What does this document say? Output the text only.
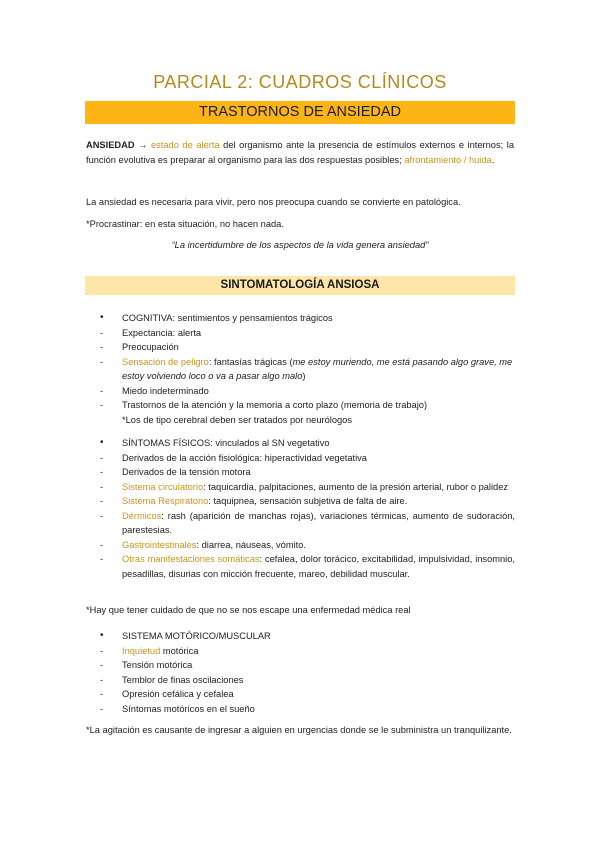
PARCIAL 2: CUADROS CLÍNICOS
TRASTORNOS DE ANSIEDAD
ANSIEDAD → estado de alerta del organismo ante la presencia de estímulos externos e internos; la función evolutiva es preparar al organismo para las dos respuestas posibles; afrontamiento / huida.
La ansiedad es necesaria para vivir, pero nos preocupa cuando se convierte en patológica.
*Procrastinar: en esta situación, no hacen nada.
“La incertidumbre de los aspectos de la vida genera ansiedad”
SINTOMATOLOGÍA ANSIOSA
•	COGNITIVA: sentimientos y pensamientos trágicos
-	Expectancia: alerta
-	Preocupación
-	Sensación de peligro: fantasías trágicas (me estoy muriendo, me está pasando algo grave, me estoy volviendo loco o va a pasar algo malo)
-	Miedo indeterminado
-	Trastornos de la atención y la memoria a corto plazo (memoria de trabajo)
*Los de tipo cerebral deben ser tratados por neurólogos
•	SÍNTOMAS FÍSICOS: vinculados al SN vegetativo
-	Derivados de la acción fisiológica: hiperactividad vegetativa
-	Derivados de la tensión motora
-	Sistema circulatorio: taquicardia, palpitaciones, aumento de la presión arterial, rubor o palidez
-	Sistema Respiratorio: taquipnea, sensación subjetiva de falta de aire.
-	Dérmicos: rash (aparición de manchas rojas), variaciones térmicas, aumento de sudoración, parestesias.
-	Gastrointestinales: diarrea, náuseas, vómito.
-	Otras manifestaciones somáticas: cefalea, dolor torácico, excitabilidad, impulsividad, insomnio, pesadillas, disurias con micción frecuente, mareo, debilidad muscular.
*Hay que tener cuidado de que no se nos escape una enfermedad médica real
•	SISTEMA MOTÓRICO/MUSCULAR
-	Inquietud motórica
-	Tensión motórica
-	Temblor de finas oscilaciones
-	Opresión cefálica y cefalea
-	Síntomas motóricos en el sueño
*La agitación es causante de ingresar a alguien en urgencias donde se le subministra un tranquilizante.
